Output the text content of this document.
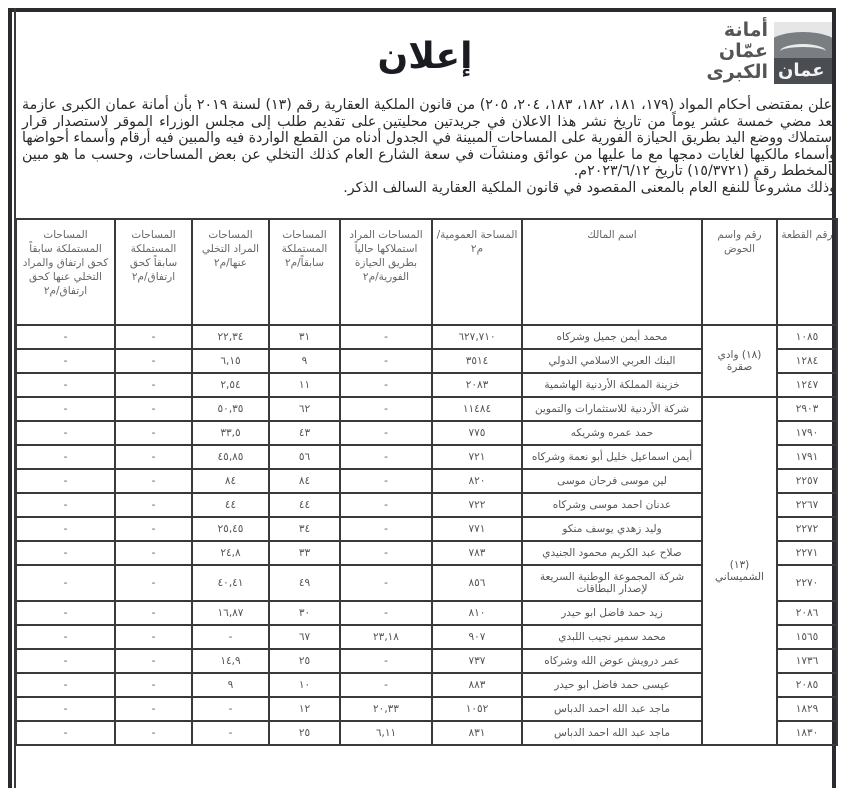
أمانة
عمّان
الكبرى عمان
إعلان

أعلن بمقتضى أحكام المواد (١٧٩، ١٨١، ١٨٢، ١٨٣، ٢٠٤، ٢٠٥) من قانون الملكية العقارية رقم (١٣) لسنة ٢٠١٩ بأن أمانة عمان الكبرى عازمة بعد مضي خمسة عشر يوماً من تاريخ نشر هذا الاعلان في جريدتين محليتين على تقديم طلب إلى مجلس الوزراء الموقر لاستصدار قرار استملاك ووضع اليد بطريق الحيازة الفورية على المساحات المبينة في الجدول أدناه من القطع الواردة فيه والمبين فيه أرقام وأسماء أحواضها وأسماء مالكيها لغايات دمجها مع ما عليها من عوائق ومنشآت في سعة الشارع العام كذلك التخلي عن بعض المساحات، وحسب ما هو مبين بالمخطط رقم (١٥/٣٧٢١) تاريخ ٢٠٢٣/٦/١٢م.

وذلك مشروعاً للنفع العام بالمعنى المقصود في قانون الملكية العقارية السالف الذكر.

رقم القطعة	رقم واسم الحوض	اسم المالك	المساحة العمومية/م٢	المساحات المراد استملاكها حالياً بطريق الحيازة الفورية/م٢	المساحات المستملكة سابقاً/م٢	المساحات المراد التخلي عنها/م٢	المساحات المستملكة سابقاً كحق ارتفاق/م٢	المساحات المستملكة سابقاً كحق ارتفاق والمراد التخلي عنها كحق ارتفاق/م٢
١٠٨٥	(١٨) وادي صقرة	محمد أيمن جميل وشركاه	٦٢٧,٧١٠	-	٣١	٢٢,٣٤	-	-
١٢٨٤		البنك العربي الاسلامي الدولي	٣٥١٤	-	٩	٦,١٥	-	-
١٢٤٧		خزينة المملكة الأردنية الهاشمية	٢٠٨٣	-	١١	٢,٥٤	-	-
٢٩٠٣	(١٣) الشميساني	شركة الأردنية للاستثمارات والتموين	١١٤٨٤	-	٦٢	٥٠,٣٥	-	-
١٧٩٠		حمد عمره وشريكه	٧٧٥	-	٤٣	٣٣,٥	-	-
١٧٩١		أيمن اسماعيل خليل أبو نعمة وشركاه	٧٢١	-	٥٦	٤٥,٨٥	-	-
٢٢٥٧		لين موسى فرحان موسى	٨٢٠	-	٨٤	٨٤	-	-
٢٢٦٧		عدنان احمد موسى وشركاه	٧٢٢	-	٤٤	٤٤	-	-
٢٢٧٢		وليد زهدي يوسف منكو	٧٧١	-	٣٤	٢٥,٤٥	-	-
٢٢٧١		صلاح عبد الكريم محمود الجنيدي	٧٨٣	-	٣٣	٢٤,٨	-	-
٢٢٧٠		شركة المجموعة الوطنية السريعة لإصدار البطاقات	٨٥٦	-	٤٩	٤٠,٤١	-	-
٢٠٨٦		زيد حمد فاضل ابو حيدر	٨١٠	-	٣٠	١٦,٨٧	-	-
١٥٦٥		محمد سمير نجيب اللبدي	٩٠٧	٢٣,١٨	٦٧	-	-	-
١٧٣٦		عمر درويش عوض الله وشركاه	٧٣٧	-	٢٥	١٤,٩	-	-
٢٠٨٥		عيسى حمد فاضل ابو حيدر	٨٨٣	-	١٠	٩	-	-
١٨٢٩		ماجد عبد الله احمد الدباس	١٠٥٢	٢٠,٣٣	١٢	-	-	-
١٨٣٠		ماجد عبد الله احمد الدباس	٨٣١	٦,١١	٢٥	-	-	-
